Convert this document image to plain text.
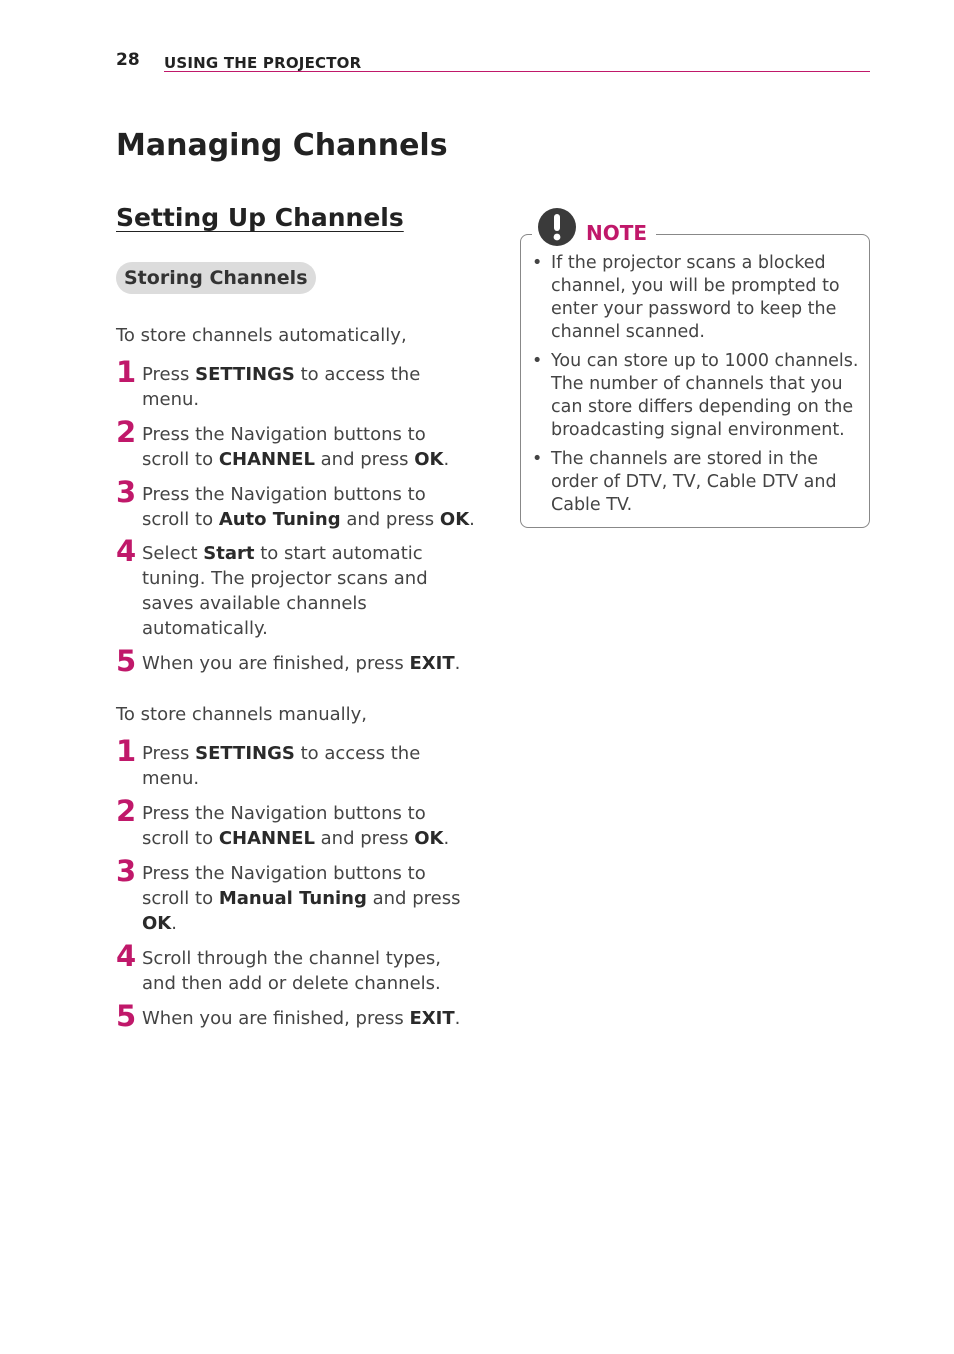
28 USING THE PROJECTOR
Managing Channels
Setting Up Channels
Storing Channels

To store channels automatically,

1 Press SETTINGS to access the menu.
2 Press the Navigation buttons to scroll to CHANNEL and press OK.
3 Press the Navigation buttons to scroll to Auto Tuning and press OK.
4 Select Start to start automatic tuning. The projector scans and saves available channels automatically.
5 When you are finished, press EXIT.

To store channels manually,

1 Press SETTINGS to access the menu.
2 Press the Navigation buttons to scroll to CHANNEL and press OK.
3 Press the Navigation buttons to scroll to Manual Tuning and press OK.
4 Scroll through the channel types, and then add or delete channels.
5 When you are finished, press EXIT.
NOTE
• If the projector scans a blocked channel, you will be prompted to enter your password to keep the channel scanned.
• You can store up to 1000 channels. The number of channels that you can store differs depending on the broadcasting signal environment.
• The channels are stored in the order of DTV, TV, Cable DTV and Cable TV.
